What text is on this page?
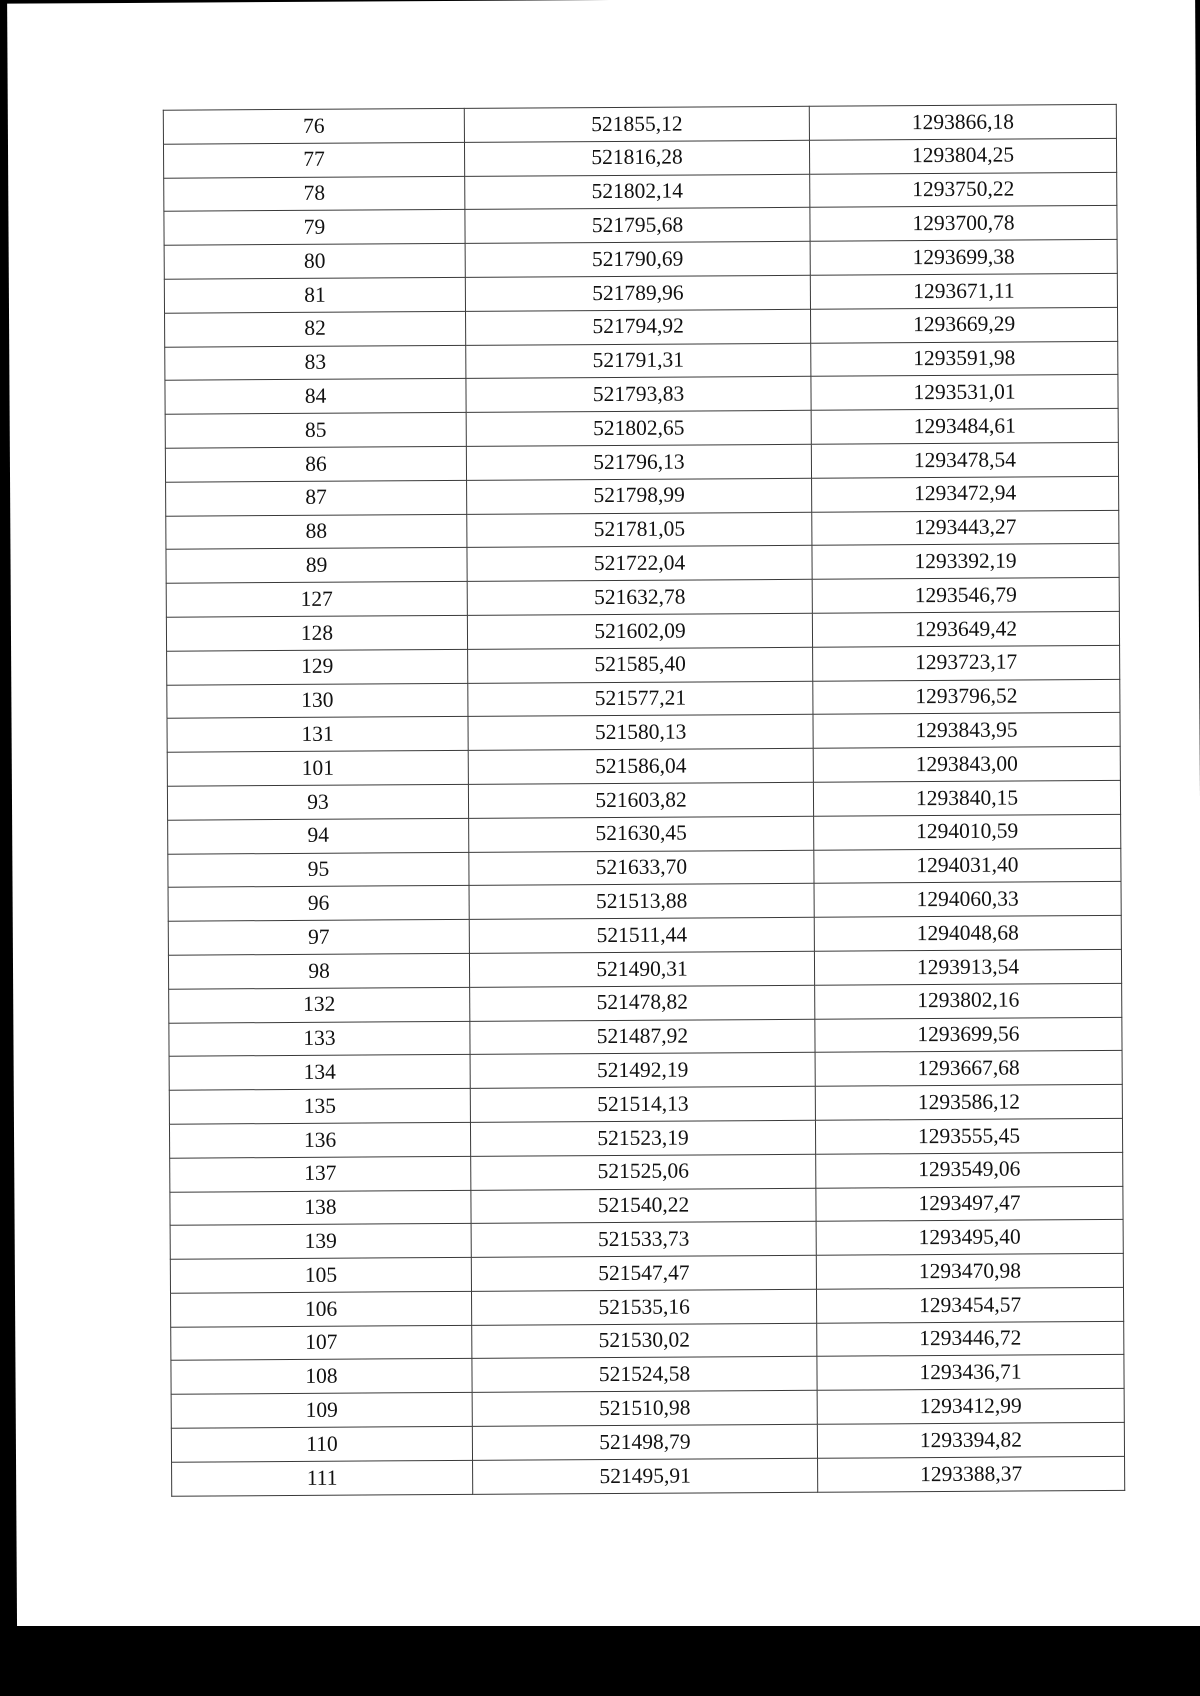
76	521855,12	1293866,18
77	521816,28	1293804,25
78	521802,14	1293750,22
79	521795,68	1293700,78
80	521790,69	1293699,38
81	521789,96	1293671,11
82	521794,92	1293669,29
83	521791,31	1293591,98
84	521793,83	1293531,01
85	521802,65	1293484,61
86	521796,13	1293478,54
87	521798,99	1293472,94
88	521781,05	1293443,27
89	521722,04	1293392,19
127	521632,78	1293546,79
128	521602,09	1293649,42
129	521585,40	1293723,17
130	521577,21	1293796,52
131	521580,13	1293843,95
101	521586,04	1293843,00
93	521603,82	1293840,15
94	521630,45	1294010,59
95	521633,70	1294031,40
96	521513,88	1294060,33
97	521511,44	1294048,68
98	521490,31	1293913,54
132	521478,82	1293802,16
133	521487,92	1293699,56
134	521492,19	1293667,68
135	521514,13	1293586,12
136	521523,19	1293555,45
137	521525,06	1293549,06
138	521540,22	1293497,47
139	521533,73	1293495,40
105	521547,47	1293470,98
106	521535,16	1293454,57
107	521530,02	1293446,72
108	521524,58	1293436,71
109	521510,98	1293412,99
110	521498,79	1293394,82
111	521495,91	1293388,37
